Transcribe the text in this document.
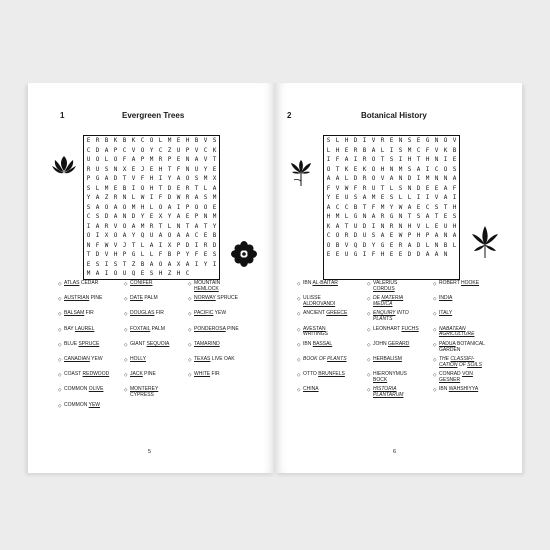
1	Evergreen Trees
E R B K B K C O L M E H B V S
C D A P C V O Y C Z U P V C K
U O L O F A P M R P E N A V T
R U S N X E J E H T F N U Y E
P G A D T V F H I Y A O S M X
S L M E B I O H T D E R T L A
Y A Z R N L W I F D W R A S M
S A O A O M H L O A I P O O E
C S D A N D Y E X Y A E P N M
I A R V O A M R T L N T A T Y
O I X O A Y Q U A O A A C E B
N F W V J T L A I X P D I R D
T D V H P G L L F B P Y F E S
E S I S T Z B A O A X A I Y I
M A I O U Q E S H Z H C
◇ ATLAS CEDAR
◇ AUSTRIAN PINE
◇ BALSAM FIR
◇ BAY LAUREL
◇ BLUE SPRUCE
◇ CANADIAN YEW
◇ COAST REDWOOD
◇ COMMON OLIVE
◇ COMMON YEW
◇ CONIFER
◇ DATE PALM
◇ DOUGLAS FIR
◇ FOXTAIL PALM
◇ GIANT SEQUOIA
◇ HOLLY
◇ JACK PINE
◇ MONTEREY
CYPRESS
◇ MOUNTAIN
HEMLOCK
◇ NORWAY SPRUCE
◇ PACIFIC YEW
◇ PONDEROSA PINE
◇ TAMARIND
◇ TEXAS LIVE OAK
◇ WHITE FIR
5
2	Botanical History
S L H D I V R E N S E G N O V
L H E R B A L I S M C F V K B
I F A I R O T S I H T H N I E
O T K E K O H N M S A I C O S
A A L D R O V A N D I M N N A
F V W F R U T L S N D E E A F
Y E U S A M E S L L I I V A I
A C C B T F M Y W A E C S T H
H M L G N A R G N T S A T E S
K A T U D I N R N H V L E U H
C O R D U S A E W P H P A N A
O B V Q D Y G E R A D L N B L
E E U G I F H E E D D A A N
◇ IBN AL-BAITAR
◇ ULISSE
ALDROVANDI
◇ ANCIENT GREECE
◇ AVESTAN
WRITINGS
◇ IBN BASSAL
◇ BOOK OF PLANTS
◇ OTTO BRUNFELS
◇ CHINA
◇ VALERIUS
CORDUS
◇ DE MATERIA
MEDICA
◇ ENQUIRY INTO
PLANTS
◇ LEONHART FUCHS
◇ JOHN GERARD
◇ HERBALISM
◇ HIERONYMUS
BOCK
◇ HISTORIA
PLANTARUM
◇ ROBERT HOOKE
◇ INDIA
◇ ITALY
◇ NABATEAN
AGRICULTURE
◇ PADUA BOTANICAL
GARDEN
◇ THE CLASSIFI-
CATION OF SOILS
◇ CONRAD VON
GESNER
◇ IBN WAHSHIYYA
6
